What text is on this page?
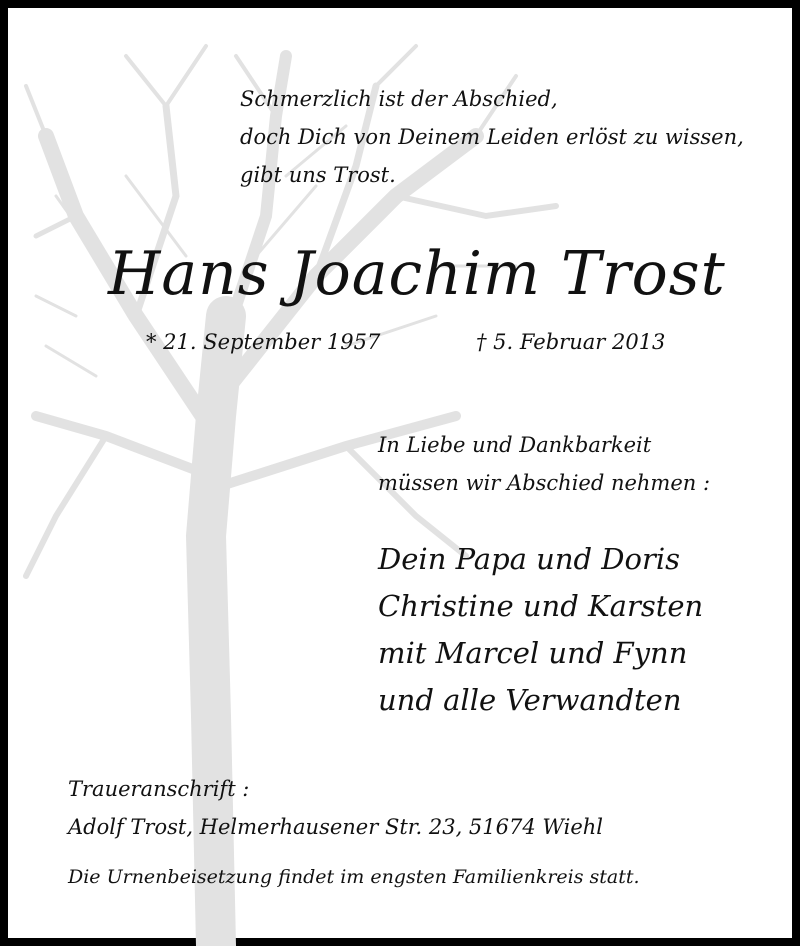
Schmerzlich ist der Abschied,
doch Dich von Deinem Leiden erlöst zu wissen,
gibt uns Trost.
Hans Joachim Trost
* 21. September 1957	† 5. Februar 2013
In Liebe und Dankbarkeit
müssen wir Abschied nehmen :
Dein Papa und Doris
Christine und Karsten
mit Marcel und Fynn
und alle Verwandten
Traueranschrift :
Adolf Trost, Helmerhausener Str. 23, 51674 Wiehl
Die Urnenbeisetzung findet im engsten Familienkreis statt.
